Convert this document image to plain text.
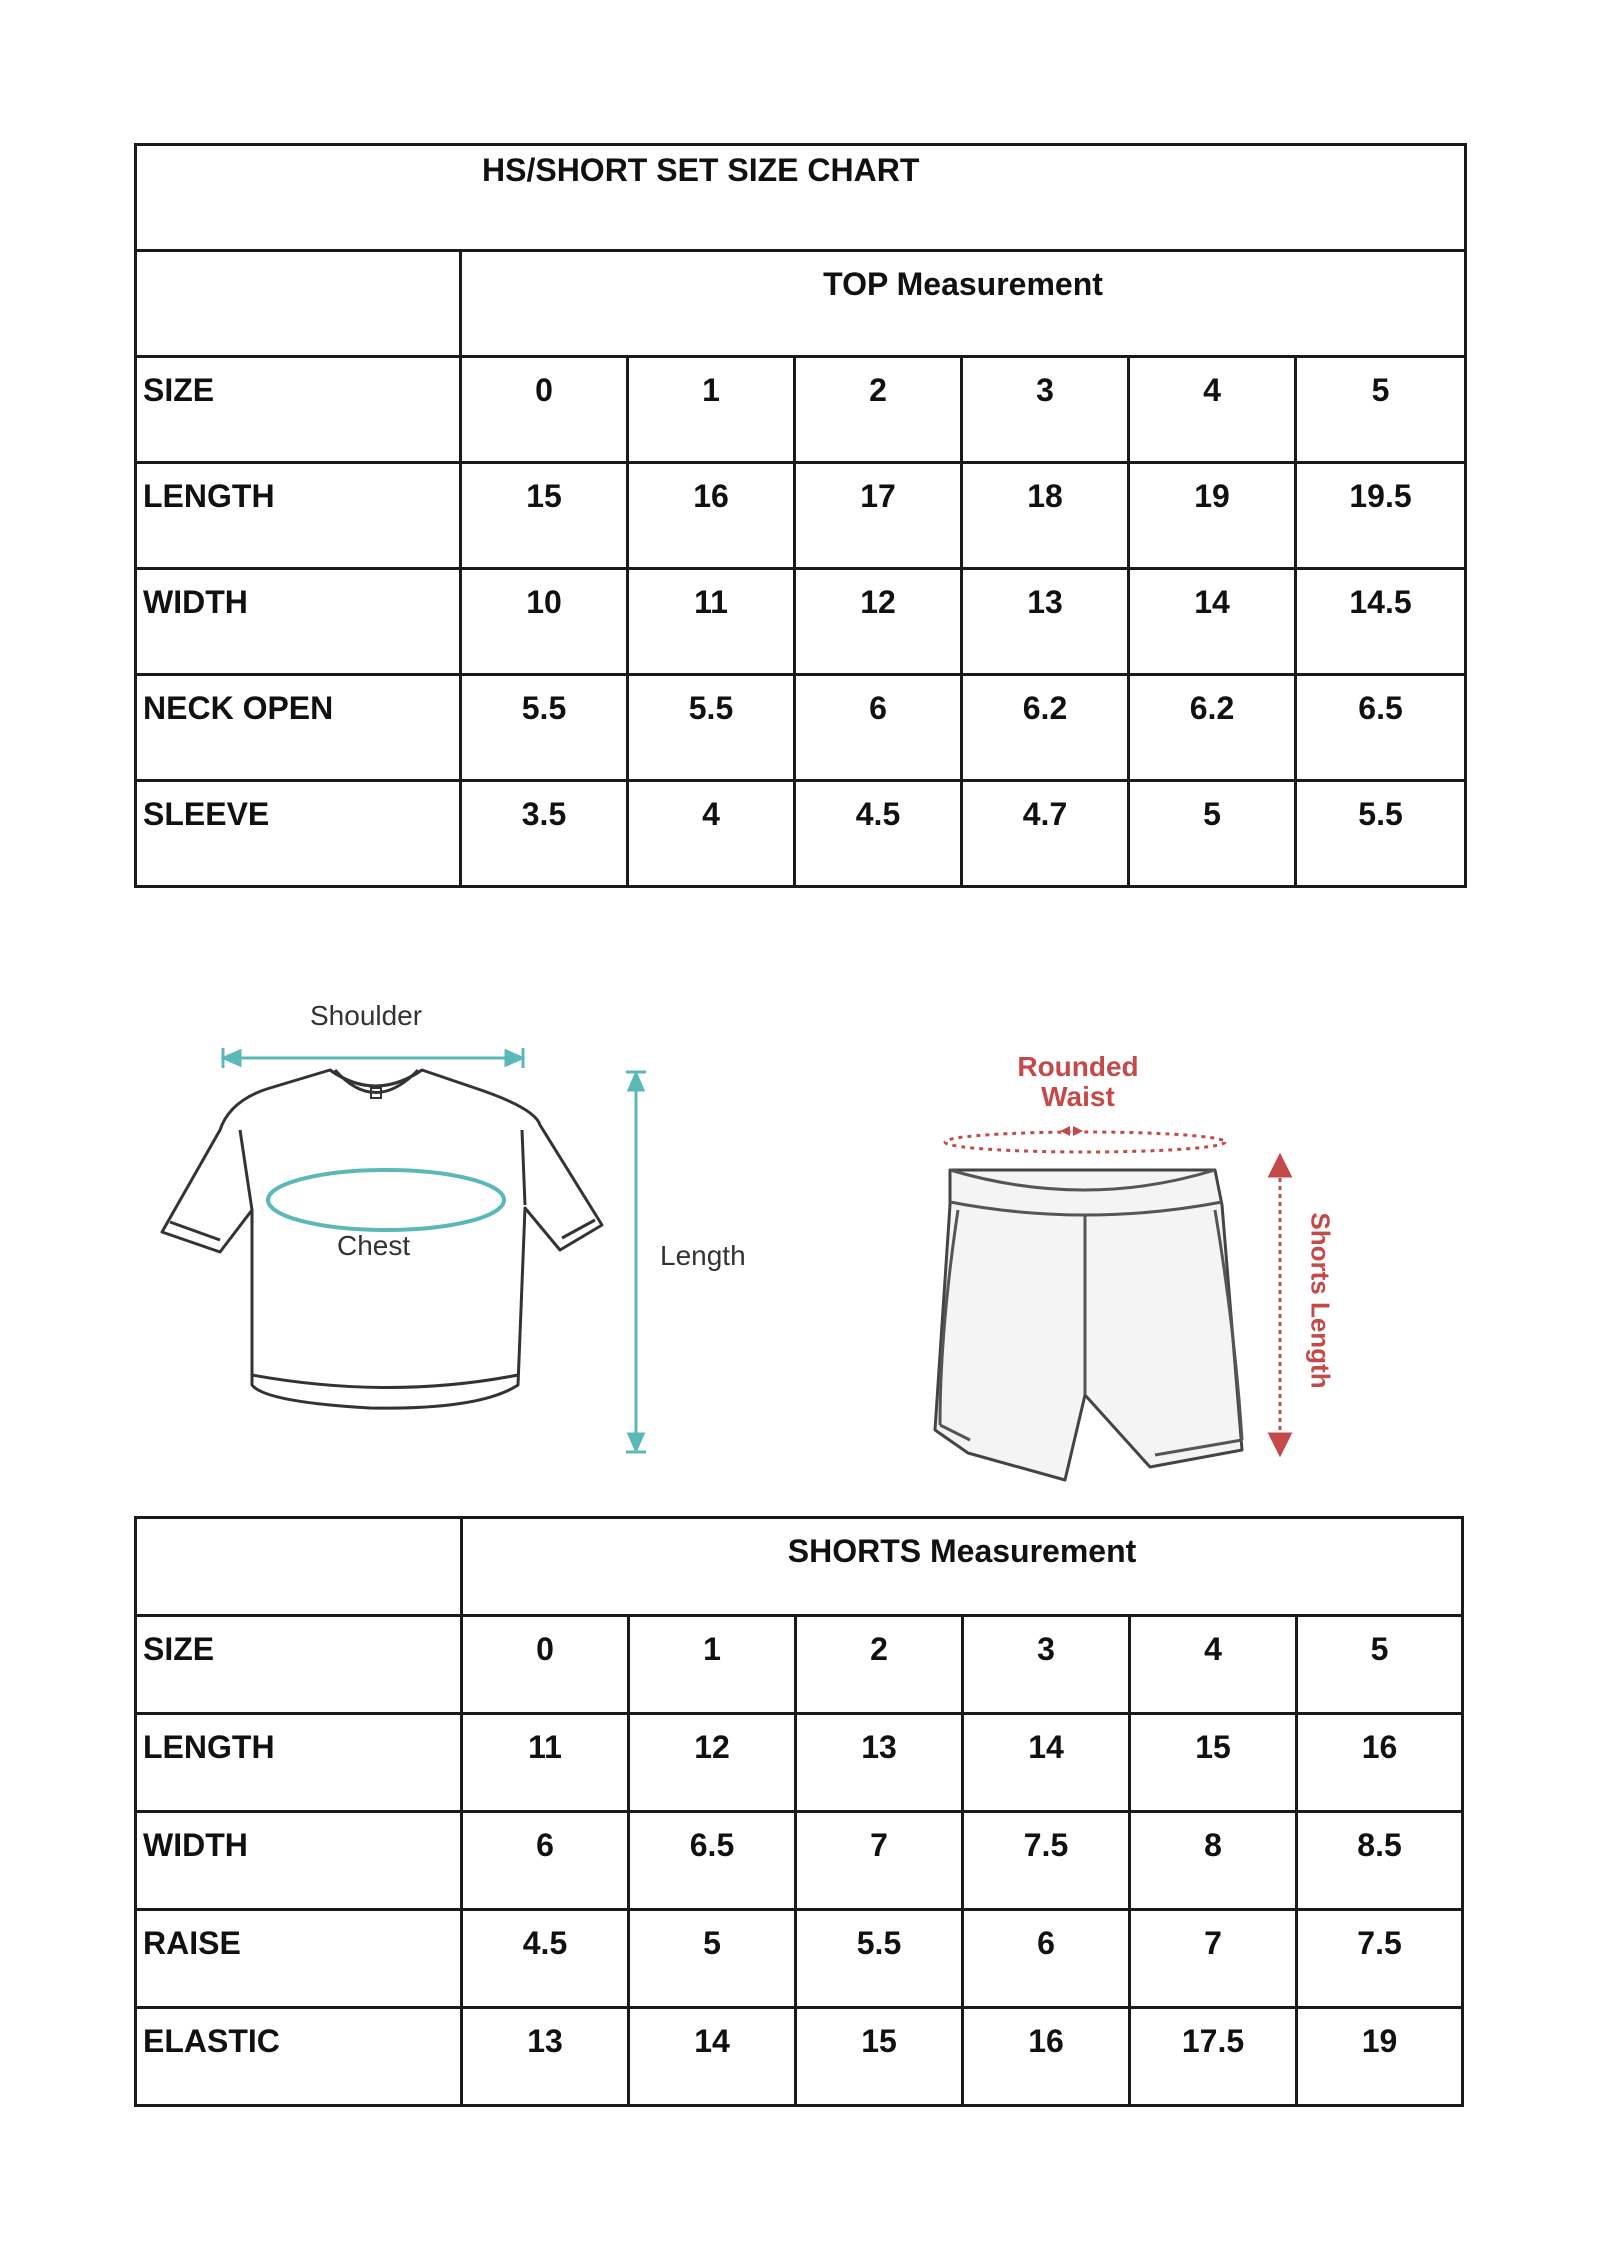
HS/SHORT SET SIZE CHART						

	TOP Measurement					

SIZE	0	1	2	3	4	5

LENGTH	15	16	17	18	19	19.5

WIDTH	10	11	12	13	14	14.5

NECK OPEN	5.5	5.5	6	6.2	6.2	6.5

SLEEVE	3.5	4	4.5	4.7	5	5.5
Shoulder
Chest	Length
Rounded
Waist
Shorts Length

	SHORTS Measurement					

SIZE	0	1	2	3	4	5

LENGTH	11	12	13	14	15	16

WIDTH	6	6.5	7	7.5	8	8.5

RAISE	4.5	5	5.5	6	7	7.5

ELASTIC	13	14	15	16	17.5	19
